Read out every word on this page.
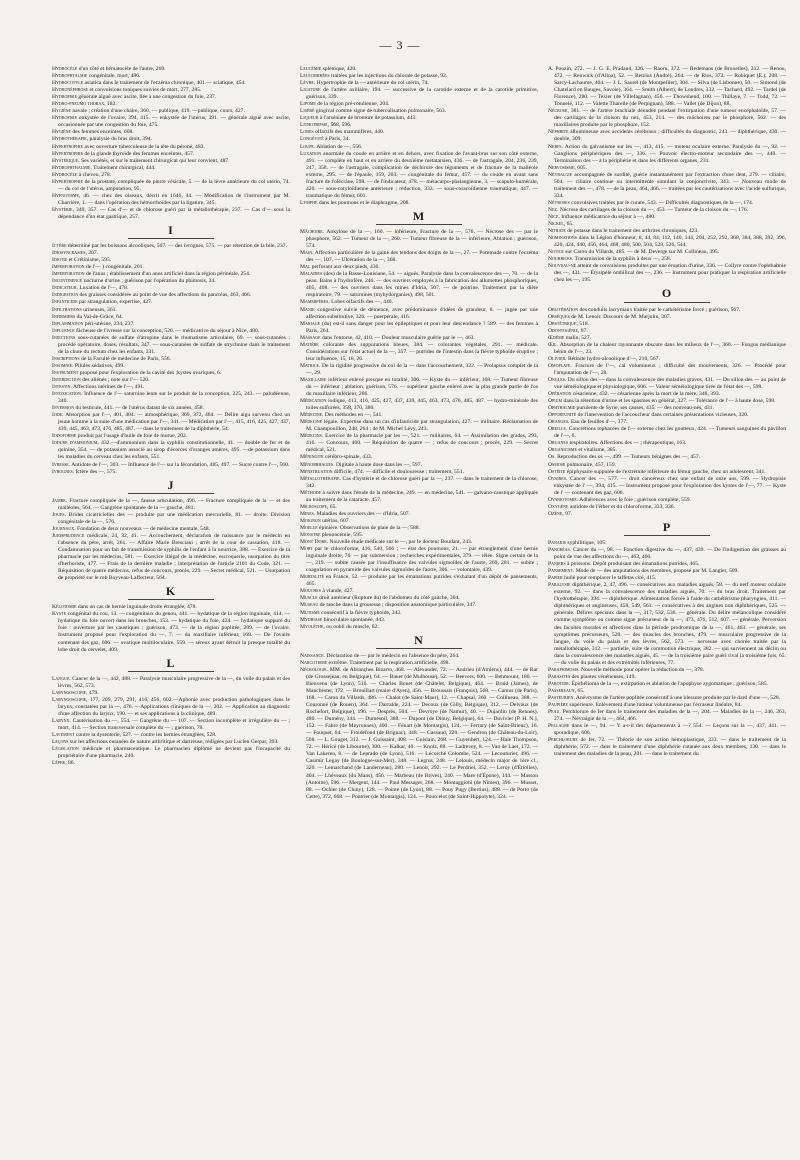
— 3 —

Hydrocèle d'un côté et hématocèle de l'autre, 269.

Hydrophtalmie congénitale, mort, 486.

Hydrocotyle asiatica dans le traitement de l'eczéma chronique, 401.— sciatique, 454.

Hydronéphrose et convulsions toniques suivies de mort, 277, 285.

Hydropisie générale aiguë avec ascite, liée à une congestion du foie, 237.

Hydro-pneumo thorax, 182.

Hygiène navale ; création d'une chaire, 360. — publique, 419. —publique, cours, 427.

Hydropisie enkystée de l'ovaire, 394, 415. — enkystée de l'utérus, 391. — générale aiguë avec ascite, occasionnée par une congestion du foie, 475.

Hygiène des femmes enceintes, 608.

Hydrothérapie, paralysie du bras droit, 394.

Hypertrophie avec ouverture tuberculeuse de la tête du péroné, 483.

Hypertrophie de la glande thyroïde des femmes enceintes, 457.

Hystérique. Ses variétés, et sur le traitement chirurgical qui leur convient, 487.

Hydrophthalmie. Traitement chirurgical, 444.

Hydrocèle à cheveu, 278.

Hypertrophie de la prostate, compliquée de pierre vésicale, 5. — de la lèvre antérieure du col utérin, 74. — du col de l'utérus, amputation, 95.

Hypnotisme, 46. — chez des oiseaux, décrit en 1646, 44. — Modification de l'instrument par M. Charrière, 1. — dans l'opération des hémorrhoïdes par la ligature, 345.

Hystérie, 349, 357. — Cas d'— et de chlorose guéri par la métallothérapie, 237. — Cas d'— sous la dépendance d'un état gastrique, 257.

I

Ictère déterminé par les boissons alcooliques, 507. — des ivrognes, 575. — par rétention de la bile, 237.

Idiosyncrasies, 207.

Idiotie et Crétinisme, 595.

Imperforation de l'— ) congénitale, 201.

Imperforation de l'anus ; établissement d'un anus artificiel dans la région périnéale, 254.

Incontinence nocturne d'urine ; guérison par l'opération du phimosis, 34.

Indicateur. Luxation de l'—, 478.

Indigestion des graisses considérée au point de vue des affections du pancréas, 463, 466.

Infanticide par strangulation, expertise, 427.

Infiltrations urineuses, 361.

Infirmiers du Val-de-Grâce, 64.

Inflammation péri-utérine, 234, 237.

Influence fâcheuse de l'ivresse sur la conception, 520. — médicatrice du séjour à Nice, 480.

Injections sous-cutanées de sulfate d'atropine dans le rhumatisme articulaire, 69. — sous-cutanées ; procédé opératoire, doses, résultats, 347. — sous-cutanées de sulfate de strychnine dans le traitement de la chute du rectum chez les enfants, 331.

Inscriptions de la Faculté de médecine de Paris, 556.

Insomnie. Pilules sédatives, 499.

Instrument proposé pour l'exploration de la cavité des ;kystes ovariques, 6.

Interdiction des aliénés ; note sur l'— 520.

Intestin. Affections utérines de l'—, 491.

Intoxication. Influence de l'— saturnine lente sur le produit de la conception, 225, 243. — paludéenne, 340.

Inversion du testicule, 441. — de l'utérus datant de six années, 458.

Iode. Absorption par l'—, 401, 404. — atmosphérique, 369, 372, 464. — Délire aigu survenu chez un jeune homme à la suite d'une médication par l'—, 341. — Médication par l'—, 415, 416, 425, 427, 437, 439, 445, 463, 473, 476, 485, 487. — dans le traitement de la diphthérie, 54.

Iodoforme produit par l'usage d'huile de foie de morue, 202.

Iodure d'ammonium, 432.—d'ammonium dans la syphilis constitutionnelle, 41. — double de fer et de quinine, 354. — de potassium associé au sirop d'écorces d'oranges amères, 495. —de potassium dans les maladies du cerveau chez les enfants, 551.

Ivresse. Antidote de l'—, 303. — Influence de l'— sur la fécondation, 485, 497. — Sucre contre l'—, 560.

Ivrognes. Ictère des —, 575.

J

Jambe. Fracture compliquée de la —, fausse articulation, 496. — Fracture compliquée de la — et des malléoles, 564. — Gangrène spontanée de la — gauche, 481.

Joues. Brides cicatricielles des — produite par une médication mercurielle, 81. — droite. Division congénitale de la —, 576.

Journaux. Fondation de deux nouveaux — de médecine mentale, 548.

Jurisprudence médicale, 24, 32, 41. — Accouchement, déclaration de naissance par le médecin en l'absence du père, arrêt, 261. — Affaire Marie Bresciani ; arrêt de la cour de cassation, 418. — Condamnation pour un fait de transmission de syphilis de l'enfant à la nourrice, 388. — Exercice de la pharmacie par les médecins, 581. — Exercice illégal de la médecine, escroquerie, usurpation du titre d'herboriste, 477. — Frais de la dernière maladie ; interprétation de l'article 2101 du Code, 321. — Réquisition de quatre médecins, refus de concours, procès, 229. — Secret médical, 521. — Usurpation de propriété sur le rob Boyveau-Laffecteur, 564.

K

Kélotomie dans un cas de hernie inguinale droite étranglée, 478.

Kyste congénital du cou, 13. — congénitaux du genou, 441. — hydatique de la région inguinale, 414. — hydatique du foie ouvert dans les bronches, 153. — hydatique du foie, 424. — hydatique suppuré du foie : ouverture par les caustiques ; guérison, 473. — de la région poplitée, 209. — de l'ovaire. Instrument proposé pour l'exploration du —, 7. — du maxillaire inférieur, 168. — De l'ovaire contenant des gaz, 606. — ovarique multiloculaire, 559. — séreux ayant détruit la presque totalité du lobe droit du cervelet, 409.

L

Langue. Cancer de la —, 442, 488. — Paralysie musculaire progressive de la —, du voile du palais et des lèvres, 562, 573.

Laryngoscopie, 479.

Laryngoscopie, 177, 209, 279, 291, 416, 456, 602.—Aphonie avec production pathologiques dans le larynx, constatées par la —, 476. —Applications cliniques de la —, 202. — Application au diagnostic d'une affection du larynx, 190. — et ses applications à la clinique, 489.

Larynx. Cautérisation du —, 554. — Gangrène du — 107. — Section incomplète et irrégulière du — ; mort, 414. — Section transversale complète du — ; guérison, 78.

Lavement contre la dysenterie, 527. — contre les hernies étranglées, 528.

Leçons sur les affections cutanées de nature arthritique et dartreuse, rédigées par Lucien Gerpar, 393.

Législation médicale et pharmaceutique. Le pharmacien diplômé ne devient pas l'incapacité du propriétaire d'une pharmacie, 240.

Lèpre, 86.

Leucémie splénique, 420.

Leucorrhées traitées par les injections du chlorate de potasse, 92.

Lèvre. Hypertrophie de la — antérieure du col utérin, 74.

Ligature de l'artère axillaire, 194. — successive de la carotide externe et de la carotide primitive, guérison, 339.

Lipome de la région pré-rotulienne, 204.

Liséré gingival comme signe de tuberculisation pulmonaire, 563.

Liqueur à l'arséniate de bromure de potassium, 443.

Lithotripsie, 568, 596.

Lobes olfactifs des mammifères, 440.

Longévité à Paris, 34.

Loupe. Ablation de —, 556.

Luxation anormale du coude en arrière et en dehors, avec fixation de l'avant-bras sur son côté externe, 491. — complète en haut et en arrière du deuxième métatarsien, 436. — de l'astragale, 204, 236, 239, 247, 358. — de l'astragale, complication de déchirure des téguments et de fracture de la malléole externe, 295. — de l'épaule, 159, 203. — congénitale du fémur, 457. — du coude en avant sans fracture de l'olécrâne, 598. — de l'indicateur, 478. — métacarpo-phalangienne, 3. — scapulo-humérale, 420. — sous-cotyloïdienne antérieure ; réduction, 333. — sous-coracoïdienne traumatique, 447. — traumatique du fémur, 601.

Lymphe dans les poumons et le diaphragme, 208.

M

Mâchoire. Ankylose de la —, 160. — inférieure, Fracture de la —, 576. — Nécrose des — par le phosphore, 562. — Tumeur de la —, 260. — Tumeur fibreuse de la — inférieure, Ablation ; guérison, 574.

Main. Affection particulière de la gaine des tendons des doigts de la —, 27. — Pommade contre l'eczéma des —, 107. — Ulcération de la —, 368.

Mal perforant aux deux pieds, 436.

Maladies (des) de la Basse-Louisiane, 54. — aiguës. Paralysie dans la convalescence des —, 70. — de la peau. Bains à l'hydrofère, 246. — des ouvriers employés à la fabrication des allumettes phosphoriques, 405, 408. — des ouvriers dans les mines d'Idria, 507. — de poitrine. Traitement par la diète respiratoire, 79. — saturnines (myhydorganies), 498, 501.

Mammifères. Lobes olfactifs des —, 440.

Manie congestive suivie de démence, avec prédominance d'idées de grandeur, 8. — jugée par une affection substitutive, 326. — puerpérale, 416.

Mariage (du) est-il sans danger pour les épileptiques et pour leur descendance ? 589. — des femmes à Paris, 264.

Massage dans l'entorse, 42, 410. — Douleur musculaire guérie par le —, 463.

Matière colorante des suppurations bleues, 384. — colorantes végétales, 291. — médicale. Considérations sur l'état actuel de la —, 357. — putrides de l'intestin dans la fièvre typhoïde éruptive ; leur influence, 15, 18, 26.

Matrice. De la rigidité progressive du col de la — dans l'accouchement, 322. — Prolapsus complet de la —, 29.

Maxillaire inférieur enlevé presque en totalité, 306. — Kyste du — inférieur, 168. — Tumeur fibreuse du — inférieur ; ablation, guérison, 576. — supérieur gauche enlevé avec la plus grande partie de l'os du maxillaire inférieur, 286.

Médication iodique, 413, 416, 425, 427, 437, 439, 445, 463, 473, 476, 485, 487. — hydro-minérale des toiles sulfurées, 358, 370, 380.

Médecine. Des méthodes en —, 541.

Médecine légale. Expertise dans un cas d'infanticide par strangulation, 427. — militaire. Réclamation de M. Champouillon, 248, 264 ; de M. Michel Lévy, 243.

Médecins. Exercice de la pharmacie par les —, 521. — militaires, 64. — Assimilation des grades, 293, 416. — Concours, 400. — Réquisition de quatre — ; refus de concours ; procès, 229. — Secret médical, 521.

Méningite cérébro-spinale, 433.

Ménorrhagies. Digitale à haute dose dans les —, 597.

Menstruation difficile, 474. — difficile et douloureuse ; traitement, 551.

Métallothérapie. Cas d'hystérie et de chlorose guéri par la —, 237. — dans le traitement de la chlorose, 342.

Méthode à suivre dans l'étude de la médecine, 249. — en médecine, 541. — galvano-caustique appliquée au traitement de la cataracte, 457.

Microscope, 65.

Mines. Maladies des ouvriers des — d'Idria, 507.

Moignon utérins, 607.

Moelle épinière. Observations de plaie de la —, 588.

Monstre pleuoncémie, 595.

Mont Dore. Nouvelle étude médicale sur le —, par le docteur Boudant, 243.

Mort par le chloroforme, 416, 540, 566 ; — état des poumons, 21. — par étranglement d'une hernie inguinale droite, 76. — par submersion ; recherches expérimentales, 379. — rêlée. Signe certain de la —, 219. — subite causée par l'insuffisance des valvules sigmoïdes de l'aorte, 269, 281. — subite ; coagulation en pyramide des valvules sigmoïdes de l'aorte, 306. — volontaire, 439.

Mortalité en France, 52. — produite par les émanations putrides s'exhalant d'un dépôt de pansements, 465.

Mouches à viande, 427.

Muscle droit antérieur (Rupture du) de l'abdomen du côté gauche, 304.

Museau de tanche dans la grossesse ; disposition anatomique particulière, 347.

Mutisme consécutif à la fièvre typhoïde, 342.

Mydriase binoculaire spontanée, 443.

Myolèthe, ou oubli du muscle, 82.

N

Naissance. Déclaration de — par le médecin en l'absence du père, 264.

Narcotisme extrême. Traitement par la respiration artificielle, 498.

Nécrologie. MM. de Abrançhes Bizarro, 468. — Alexander, 72. — Andrieu (d'Amiens), 444. — de Bar (de Grossejeau, en Belgique), 64. — Bauer (de Mulhouse), 52. — Beevers, 600. — Behmount, 180. — Bienvenu (de Lyon), 516. — Charles Bonet (de Châtelet, Belgique), 464. — Braid (James), de Manchester, 172. — Brouillart (maire d'Ayen), 456. — Broussais (François), 568. — Camus (de Paris), 168. — Caron du Villards, 486. — Chalot (de Saint-Maur), 12. — Chapsal, 360. — Collineau, 388. — Couronné (de Rouen), 364. — Darralde, 224. — Decoux (de Gilly, Belgique), 312. — Delvaux (de Rochefort, Belgique), 196. — Desprès, 504. — Devroye (de Namur), 40. — Dujardin (de Rennes), 480. — Dumény, 344. — Dumésnil, 388. — Dupont (de Dinuy, Belgique), 64. — Duvivier (P. H. N.), 152. — Fabre (de Meyronnes), 400. — Fénart (de Montargis), 124. — Ferrary (de Saint-Brieuc), 16. — Fouquet, 64. — Froidefond (de Brignac), 448. — Gassaud, 220. — Gendron (de Château-du-Loir), 508. — L. Gouget, 312. — J. Guissaint, 408. — Guislain, 268. — Guyenbert, 124. — Hale Thompson, 72. — Héricé (de Libourne), 300. — Kalkar, 40. — Knolz, 88. — Ladrevey, 8. — Van de Laer, 172. — Van Lakeren, 8. — de Leprado (de Lyon), 516. — Lécorché Colombe, 524. — Lecouturier, 496. — Casimir Legay (de Boulogne-sur-Mer), 348. — Legrus, 248. — Lelouis, médecin major de 1ère cl., 320. — Lemarchand (de Landerneau), 280. — Lenoir, 292. — Le Perdriel, 352. — Leroy (d'Étiolles), 404. — Lhéveaux (du Mans), 456. — Marbeau (de Brives), 240. — Mare (d'Épone), 144. — Masson (Antoine), 596. — Mergent, 144. — Paul Messager, 268. — Montaggioni (de Nîmes), 396. — Musset, 88. — Ochier (de Cluny), 128. — Pointe (de Lyon), 88. — Pouy Pugy (Bertius), 488. — de Porto (de Cette), 372, 668. — Pontrier (de Montargis), 124. — Pourcelot (de Saint-Hippolyte), 324. —

A. Pouzin, 272. — J. G. E. Pradaud, 326. — Raoru, 372. — Redemans (de Bruxelles), 312. — Renou, 472. — Renwick (d'Alloa), 52. — Retzius (André), 264. — de Rios, 372. — Robiquet (E.), 208. — Sarcy-Lachaume, 404. — J. L. Saurel (de Montpellier), 304. — Silva (de Lisbonne), 50. — Simond (de Chatelard en Bauges, Savoie), 364. — Smith (Albert), de Londres, 332. — Tachard, 492. — Tardel (de Florence), 280. — Texier (de Villefagnan), 456. — Thowshend, 100. — Thillaye, 7. — Todd, 72. — Tonnelé, 112. — Valette Thareile (de Perpignan), 588. — Vallet (de Dijon), 88.

Nécrose, 381. — de l'artère brachiale dénudée pendant l'extirpation d'une tumeur encéphaloïde, 57. — des cartilages de la cloison du nez, 453, 214. — des mâchoires par le phosphore, 562. — des maxillaires produite par le phosphore, 152.

Néphrite albumineuse avec accidents cérébraux ; difficultés du diagnostic, 243. — diphthérique, 430. — double, 309.

Nerfs. Action du galvanisme sur les —, 413, 415. — moteur oculaire externe. Paralysie du —, 92. — Ganglions périphériques des —, 336. — Pouvoir électro-moteur secondaire des —, 440. — Terminaison des — à la périphérie et dans les différents organes, 231.

Nervosisme, 605.

Névralgie accompagnée de surdité, guérie instantanément par l'extraction d'une dent, 279. — ciliaire, 504. — ciliaire continue ou intermittente simulant la conjonctivite, 343. — Nouveau mode de traitement des —, 478. — de la peau, 464, 466. — traitées par les cautérisations avec l'acide sulfurique, 334.

Névroses convulsives traitées par le curare, 543. — Difficultés diagnostiques de la —, 174.

Nez. Nécrose des cartilages de la cloison du —, 453. — Tumeur de la cloison du —, 176.

Nice. Influence médicatrice du séjour à —, 480.

Nickel, 65.

Nitrate de potasse dans le traitement des arthrites chroniques, 423.

Nominations dans la Légion d'honneur, 8, 44, 84, 112, 140, 144, 204, 252, 292, 368, 384, 388, 392, 396, 420, 424, 440, 456, 464, 468, 480, 500, 504, 528, 526, 544.

Notice sur Caron du Villards, 485. — de M. Deverge sur M. Collineau, 395.

Nourrices. Transmission de la syphilis à deux —, 258.

Nouveau-né atteint de convulsions produites par une éruption d'urine, 336. — Collyre contre l'ophthalmie des —, 431. — Érysipèle ombilical des —, 236. — Instrument pour pratiquer la respiration artificielle chez les —, 195.

O

Oblitération des conduits lacrymaux traitée par le cathétérisme forcé ; guérison, 567.

Obsèques de M. Lenoir. Discours de M. Marjolin, 307.

Obstétrique, 518.

Odontogénie, 97.

Œdème malin, 527.

Œil. Absorption de la chaleur rayonnante obscure dans les milieux de l'—, 360. — Fongus médianique bénin de l'—, 23.

Olivier. Rétinite hydro-alcoolique d'—, 210, 567.

Omoplate. Fracture de l'—, cal volumineux ; difficulté des mouvements, 326. — Procédé pour l'amputation de l'—, 28.

Ongles. Du sillon des — dans la convalescence des maladies graves, 431. — Du sillon des — au point de vue séméiologique et physiologique, 606. — Valeur séméiologique tirée de l'état des —, 598.

Opération césarienne, 432. — césarienne après la mort de la mère, 348, 393.

Opium dans la rétention d'urine et les spasmes en général, 327. — Tolérance de l'— à haute dose, 598.

Ophthalmie purulente de Syrie, ses causes, 435. — des nouveau-nés, 431.

Opportunité de l'intervention de l'accoucheur dans certaines présentations vicieuses, 320.

Oranges. Eau de feuilles d'—, 377.

Oreille. Concrétions tophacées de l'— externe chez les goutteux, 424. — Tumeurs sanguines du pavillon de l'—, 6.

Organes respiratoires. Affections des — ; thérapeutique, 163.

Organicisme et vitalisme, 385.

Os. Reproduction des os —, 499. — Tumeurs bénignes des —, 457.

Osmose pulmonaire, 457, 159.

Ostéite épiphysaire suppurée de l'extrémité inférieure du fémur gauche, chez un adolescent, 341.

Ovaires. Cancer des —, 577. — droit cancéreux chez une enfant de onze ans, 599. — Hydropisie enkystée de l' —, 394, 415. — Instrument proposé pour l'exploration des kystes de l'—, 77. — Kyste de l' — contenant des gaz, 606.

Ovariotomie. Adhérences avec le foie ; guérison complète, 559.

Oxygène antidote de l'éther et du chloroforme, 333, 336.

Ozène, 97.

P

Panaris syphilitique, 105.

Pancréas. Cancer du —, 98. — Fonction digestive du —, 437, 439. — De l'indigestion des graisses au point de vue des affections du —, 463, 466.

Paniers à poissons. Dépôt produisant des émanations putrides, 465.

Pansement. Mode de — des amputations des membres, proposé par M. Langier, 509.

Papier huilé pour remplacer le taffetas ciré, 415.

Paralysie diphthérique, 2, 47, 496. — consécutives aux maladies aiguës, 58. — du nerf moteur oculaire externe, 92. — dans la convalescence des maladies aiguës, 70. — du bras droit. Traitement par l'hydrothérapie, 394. — diphthérique. Alimentation forcée à l'aide du cathétérisme pharyngien, 411. — diphthériques et angineuses, 458, 549, 561. — consécutives à des angines non diphthériques, 525. — générale. Délires spéciaux dans la —, 317, 532, 536. — générale. Du délire mélancolique considéré comme symptôme ou comme signe précurseur de la —, 473, 476, 512, 607. — générale. Perversion des facultés morales et affectives dans la période prodromique de la —, 461, 463. — générale, ses symptômes précurseurs, 520. — des muscles des bronches, 479. — musculaire progressive de la langue, du voile du palais et des lèvres, 562, 573. — nerveuse avec chorée traitée par la métallothérapie, 312. — partielle, suite de commotion électrique, 382. — qui surviennent au déclin ou dans la convalescence des maladies aiguës, 45. — de la troisième paire guéri rival la troisième fois, 65. — du voile du palais et des extrémités inférieures, 77.

Paraphimosis. Nouvelle méthode pour opérer la réduction du —, 378.

Parasites des plantes vénéneuses, 149.

Parotide. Épithélioma de la —, extirpation et ablation de l'apophyse zygomatique ; guérison, 585.

Passereaux, 65.

Pasteurien. Anévrysme de l'artère poplitée consécutif à une blessure produite par le dard d'une —, 528.

Paupière supérieure. Enlèvement d'une tumeur volumineuse par l'écraseur linéaire, 84.

Peau. Perchlorure de fer dans le traitement des maladies de la —, 204. — Maladies de la —, 246, 263, 274. — Névralgie de la —, 464, 466.

Pellagre dans le —, 94. — Y a-t-il des départements à —? 554. — Leçons sur la —, 437, 441. — sporadique, 606.

Perchlorure de fer, 72. — Théorie de son action hémoplastique, 333. — dans le traitement de la diphthérie, 572. — dans le traitement d'une diphthérie cutanée aux deux membres, 130. — dans le traitement des maladies de la peau, 201. — dans le traitement du
